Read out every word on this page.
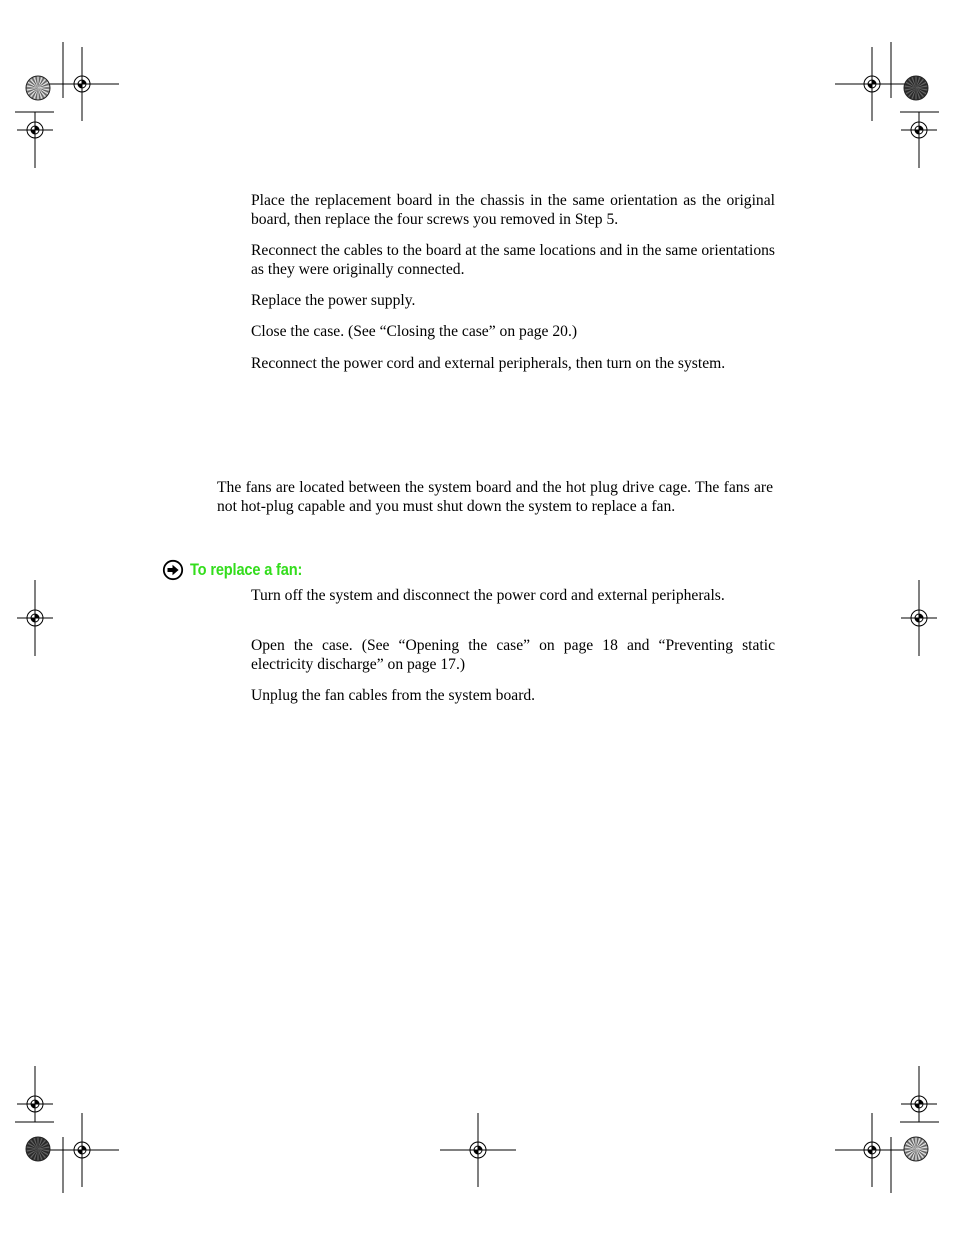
Place the replacement board in the chassis in the same orientation as the original board, then replace the four screws you removed in Step 5.

Reconnect the cables to the board at the same locations and in the same orientations as they were originally connected.

Replace the power supply.

Close the case. (See “Closing the case” on page 20.)

Reconnect the power cord and external peripherals, then turn on the system.

The fans are located between the system board and the hot plug drive cage. The fans are not hot-plug capable and you must shut down the system to replace a fan.

To replace a fan:

Turn off the system and disconnect the power cord and external peripherals.

Open the case. (See “Opening the case” on page 18 and “Preventing static electricity discharge” on page 17.)

Unplug the fan cables from the system board.
